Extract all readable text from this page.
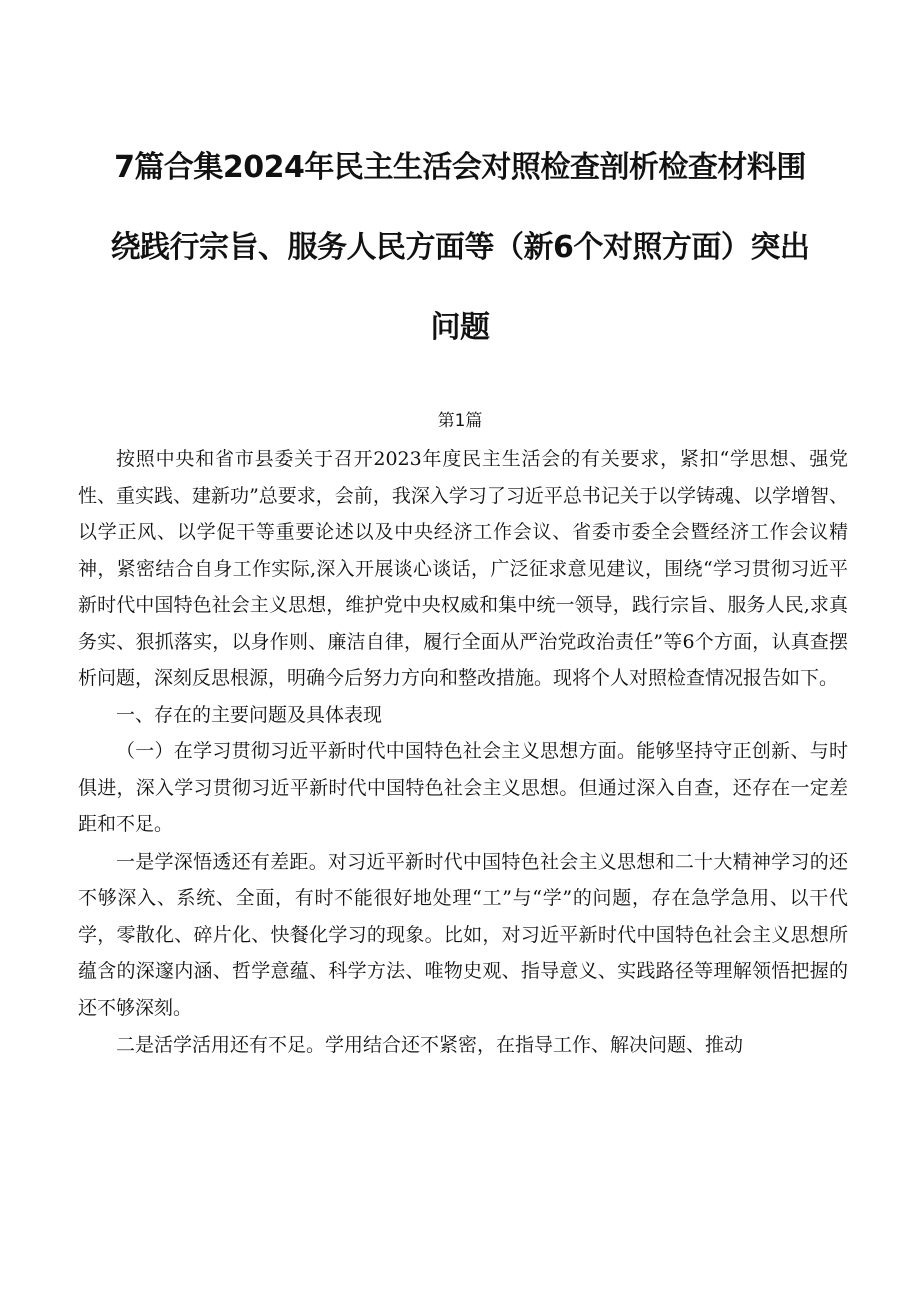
7篇合集2024年民主生活会对照检查剖析检查材料围
绕践行宗旨、服务人民方面等（新6个对照方面）突出
问题
第1篇

按照中央和省市县委关于召开2023年度民主生活会的有关要求，紧扣“学思想、强党性、重实践、建新功”总要求，会前，我深入学习了习近平总书记关于以学铸魂、以学增智、以学正风、以学促干等重要论述以及中央经济工作会议、省委市委全会暨经济工作会议精神，紧密结合自身工作实际,深入开展谈心谈话，广泛征求意见建议，围绕“学习贯彻习近平新时代中国特色社会主义思想，维护党中央权威和集中统一领导，践行宗旨、服务人民,求真务实、狠抓落实，以身作则、廉洁自律，履行全面从严治党政治责任”等6个方面，认真查摆析问题，深刻反思根源，明确今后努力方向和整改措施。现将个人对照检查情况报告如下。

一、存在的主要问题及具体表现

（一）在学习贯彻习近平新时代中国特色社会主义思想方面。能够坚持守正创新、与时俱进，深入学习贯彻习近平新时代中国特色社会主义思想。但通过深入自查，还存在一定差距和不足。

一是学深悟透还有差距。对习近平新时代中国特色社会主义思想和二十大精神学习的还不够深入、系统、全面，有时不能很好地处理“工”与“学”的问题，存在急学急用、以干代学，零散化、碎片化、快餐化学习的现象。比如，对习近平新时代中国特色社会主义思想所蕴含的深邃内涵、哲学意蕴、科学方法、唯物史观、指导意义、实践路径等理解领悟把握的还不够深刻。

二是活学活用还有不足。学用结合还不紧密，在指导工作、解决问题、推动
